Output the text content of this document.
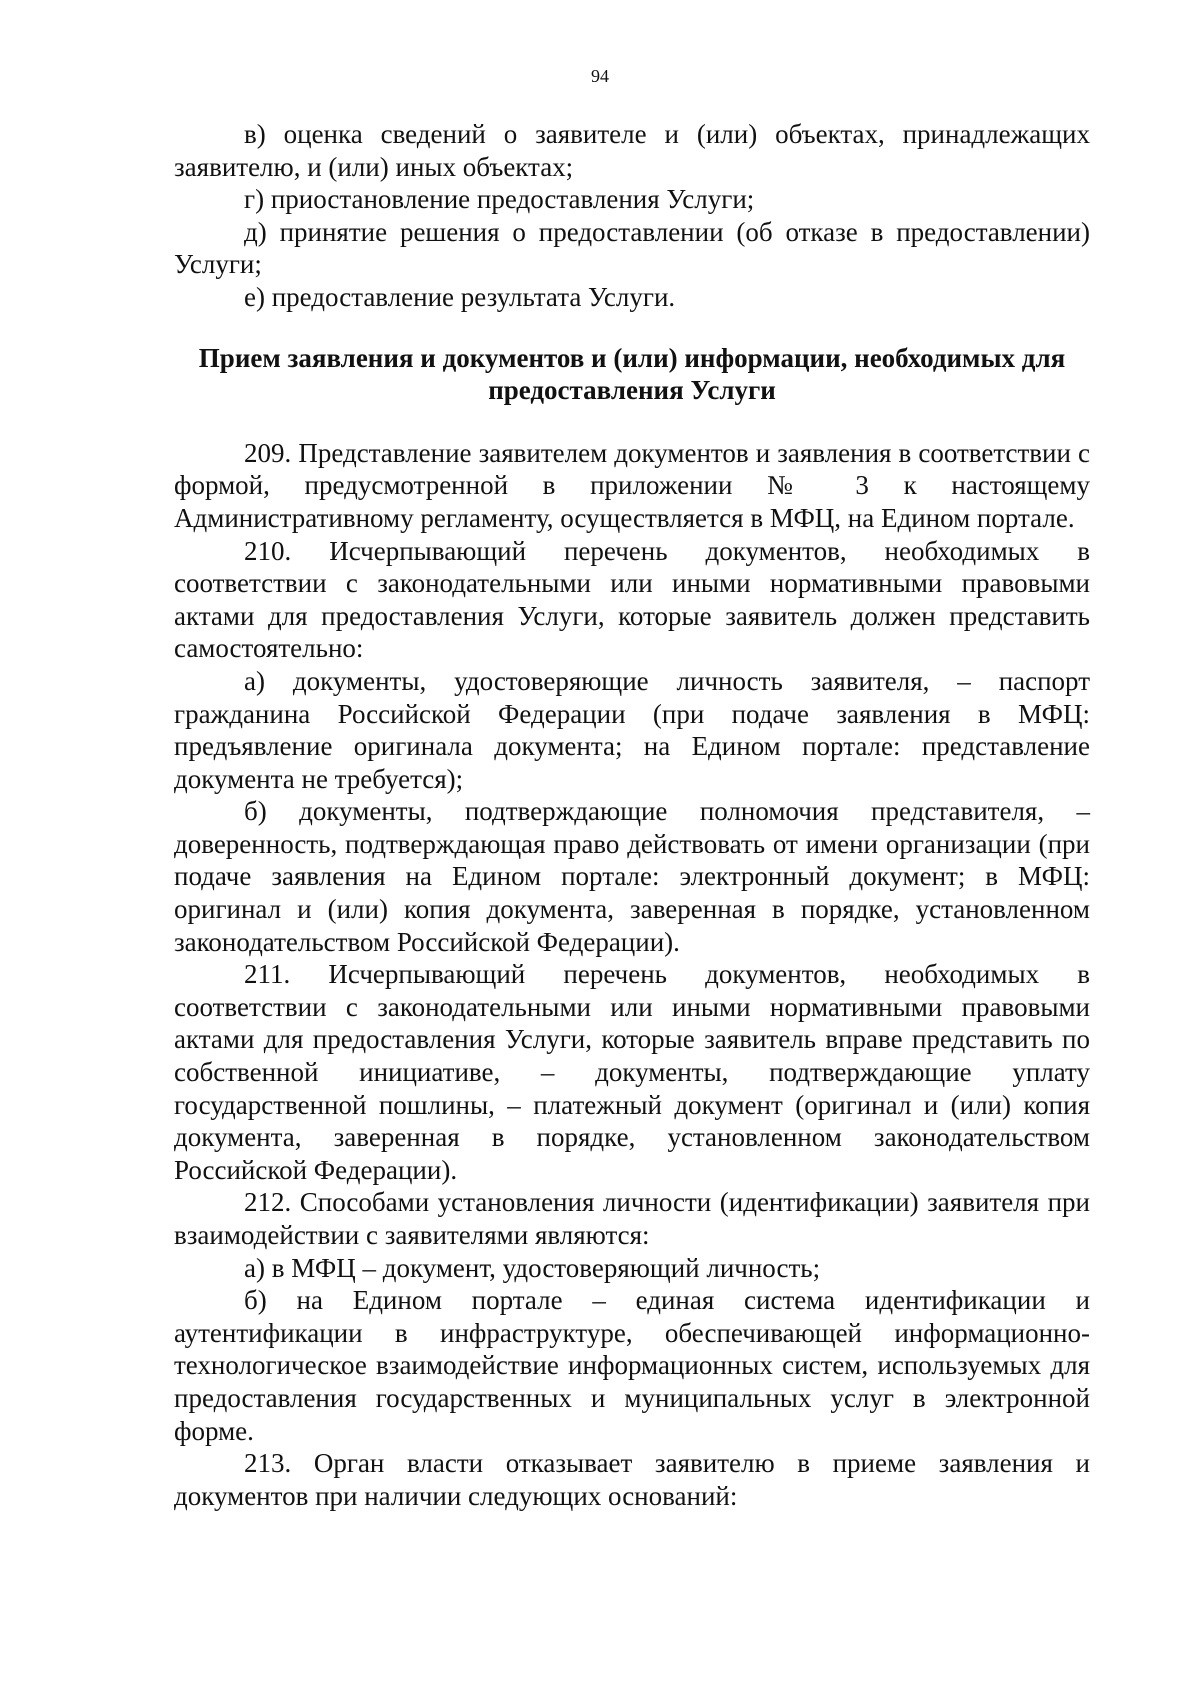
94

в) оценка сведений о заявителе и (или) объектах, принадлежащих заявителю, и (или) иных объектах;

г) приостановление предоставления Услуги;

д) принятие решения о предоставлении (об отказе в предоставлении) Услуги;

е) предоставление результата Услуги.

Прием заявления и документов и (или) информации, необходимых для предоставления Услуги

209. Представление заявителем документов и заявления в соответствии с формой, предусмотренной в приложении № 3 к настоящему Административному регламенту, осуществляется в МФЦ, на Едином портале.

210. Исчерпывающий перечень документов, необходимых в соответствии с законодательными или иными нормативными правовыми актами для предоставления Услуги, которые заявитель должен представить самостоятельно:

а) документы, удостоверяющие личность заявителя, – паспорт гражданина Российской Федерации (при подаче заявления в МФЦ: предъявление оригинала документа; на Едином портале: представление документа не требуется);

б) документы, подтверждающие полномочия представителя, – доверенность, подтверждающая право действовать от имени организации (при подаче заявления на Едином портале: электронный документ; в МФЦ: оригинал и (или) копия документа, заверенная в порядке, установленном законодательством Российской Федерации).

211. Исчерпывающий перечень документов, необходимых в соответствии с законодательными или иными нормативными правовыми актами для предоставления Услуги, которые заявитель вправе представить по собственной инициативе, – документы, подтверждающие уплату государственной пошлины, – платежный документ (оригинал и (или) копия документа, заверенная в порядке, установленном законодательством Российской Федерации).

212. Способами установления личности (идентификации) заявителя при взаимодействии с заявителями являются:

а) в МФЦ – документ, удостоверяющий личность;

б) на Едином портале – единая система идентификации и аутентификации в инфраструктуре, обеспечивающей информационно-технологическое взаимодействие информационных систем, используемых для предоставления государственных и муниципальных услуг в электронной форме.

213. Орган власти отказывает заявителю в приеме заявления и документов при наличии следующих оснований:
